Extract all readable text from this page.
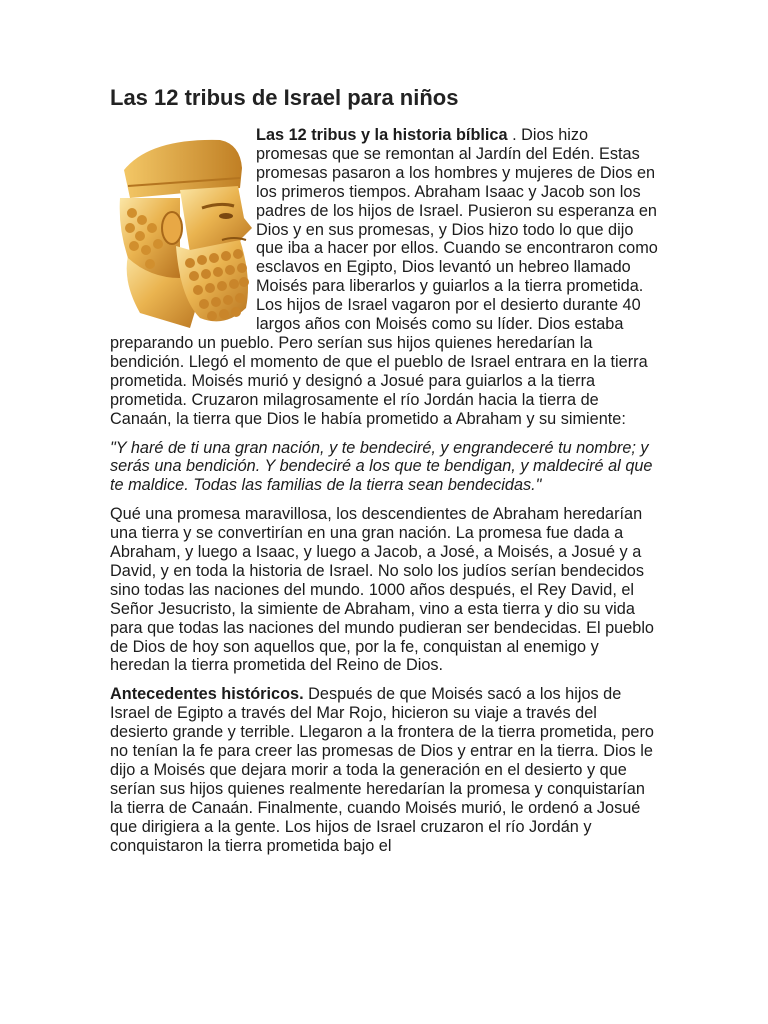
Las 12 tribus de Israel para niños

Las 12 tribus y la historia bíblica . Dios hizo promesas que se remontan al Jardín del Edén. Estas promesas pasaron a los hombres y mujeres de Dios en los primeros tiempos. Abraham Isaac y Jacob son los padres de los hijos de Israel. Pusieron su esperanza en Dios y en sus promesas, y Dios hizo todo lo que dijo que iba a hacer por ellos. Cuando se encontraron como esclavos en Egipto, Dios levantó un hebreo llamado Moisés para liberarlos y guiarlos a la tierra prometida. Los hijos de Israel vagaron por el desierto durante 40 largos años con Moisés como su líder. Dios estaba preparando un pueblo. Pero serían sus hijos quienes heredarían la bendición. Llegó el momento de que el pueblo de Israel entrara en la tierra prometida. Moisés murió y designó a Josué para guiarlos a la tierra prometida. Cruzaron milagrosamente el río Jordán hacia la tierra de Canaán, la tierra que Dios le había prometido a Abraham y su simiente:

"Y haré de ti una gran nación, y te bendeciré, y engrandeceré tu nombre; y serás una bendición. Y bendeciré a los que te bendigan, y maldeciré al que te maldice. Todas las familias de la tierra sean bendecidas."

Qué una promesa maravillosa, los descendientes de Abraham heredarían una tierra y se convertirían en una gran nación. La promesa fue dada a Abraham, y luego a Isaac, y luego a Jacob, a José, a Moisés, a Josué y a David, y en toda la historia de Israel. No solo los judíos serían bendecidos sino todas las naciones del mundo. 1000 años después, el Rey David, el Señor Jesucristo, la simiente de Abraham, vino a esta tierra y dio su vida para que todas las naciones del mundo pudieran ser bendecidas. El pueblo de Dios de hoy son aquellos que, por la fe, conquistan al enemigo y heredan la tierra prometida del Reino de Dios.

Antecedentes históricos. Después de que Moisés sacó a los hijos de Israel de Egipto a través del Mar Rojo, hicieron su viaje a través del desierto grande y terrible. Llegaron a la frontera de la tierra prometida, pero no tenían la fe para creer las promesas de Dios y entrar en la tierra. Dios le dijo a Moisés que dejara morir a toda la generación en el desierto y que serían sus hijos quienes realmente heredarían la promesa y conquistarían la tierra de Canaán. Finalmente, cuando Moisés murió, le ordenó a Josué que dirigiera a la gente. Los hijos de Israel cruzaron el río Jordán y conquistaron la tierra prometida bajo el
